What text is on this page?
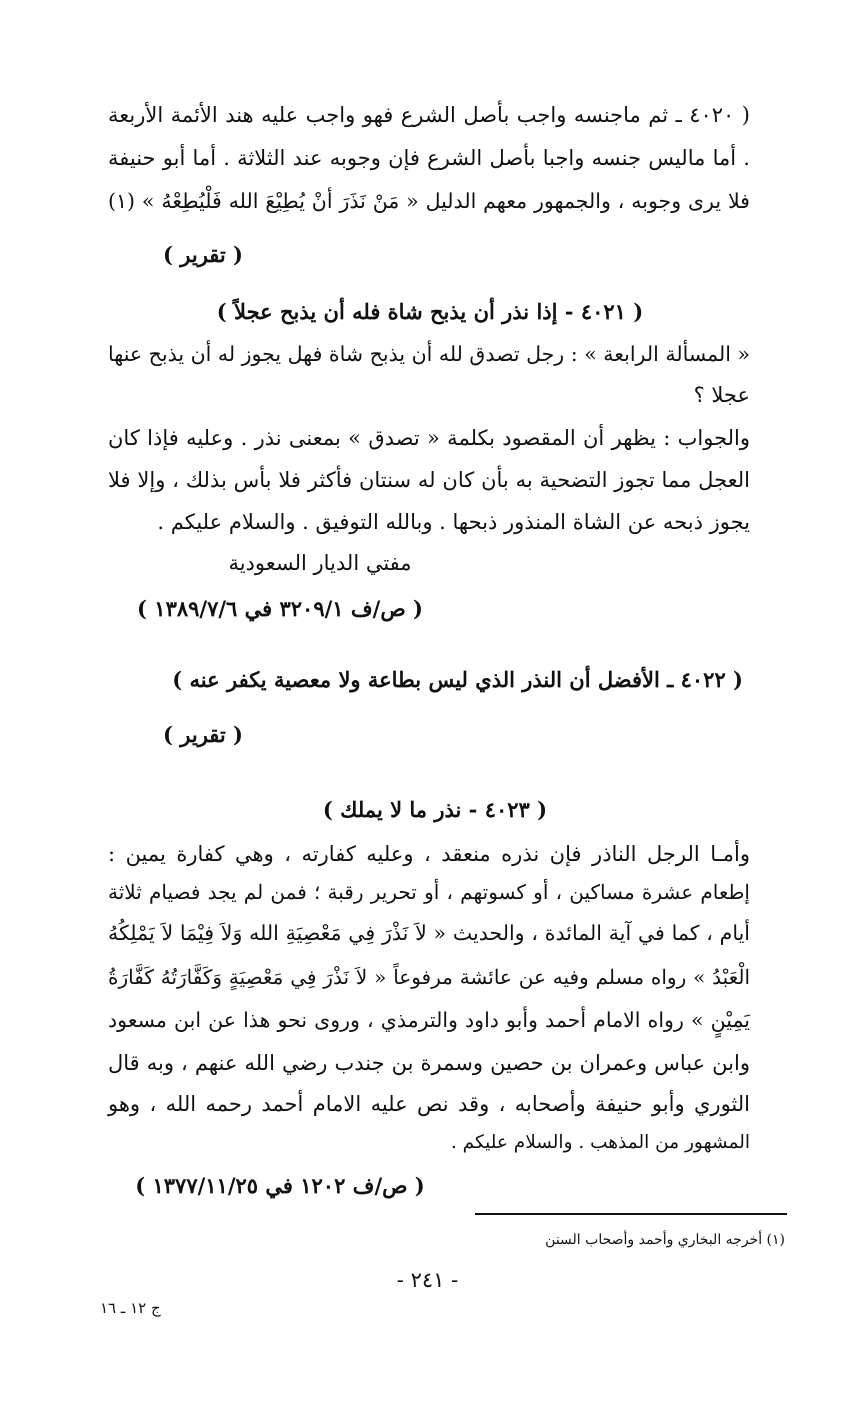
( ٤٠٢٠ ـ ثم ماجنسه واجب بأصل الشرع فهو واجب عليه هند الأئمة الأربعة
. أما ماليس جنسه واجبا بأصل الشرع فإن وجوبه عند الثلاثة . أما أبو حنيفة
فلا يرى وجوبه ، والجمهور معهم الدليل « مَنْ نَذَرَ أنْ يُطِيْعَ الله فَلْيُطِعْهُ » (١)
( تقرير )
( ٤٠٢١ - إذا نذر أن يذبح شاة فله أن يذبح عجلاً )
« المسألة الرابعة » : رجل تصدق لله أن يذبح شاة فهل يجوز له أن يذبح عنها
عجلا ؟
والجواب : يظهر أن المقصود بكلمة « تصدق » بمعنى نذر . وعليه فإذا كان
العجل مما تجوز التضحية به بأن كان له سنتان فأكثر فلا بأس بذلك ، وإلا فلا
يجوز ذبحه عن الشاة المنذور ذبحها . وبالله التوفيق . والسلام عليكم .
مفتي الديار السعودية
( ص/ف ٣٢٠٩/١ في ١٣٨٩/٧/٦ )
( ٤٠٢٢ ـ الأفضل أن النذر الذي ليس بطاعة ولا معصية يكفر عنه )
( تقرير )
( ٤٠٢٣ - نذر ما لا يملك )
وأمـا الرجل الناذر فإن نذره منعقد ، وعليه كفارته ، وهي كفارة يمين :
إطعام عشرة مساكين ، أو كسوتهم ، أو تحرير رقبة ؛ فمن لم يجد فصيام ثلاثة
أيام ، كما في آية المائدة ، والحديث « لاَ نَذْرَ فِي مَعْصِيَةِ الله وَلاَ فِيْمَا لاَ يَمْلِكُهُ
الْعَبْدُ » رواه مسلم وفيه عن عائشة مرفوعاً « لاَ نَذْرَ فِي مَعْصِيَةٍ وَكَفَّارَتُهُ كَفَّارَةُ
يَمِيْنٍ » رواه الامام أحمد وأبو داود والترمذي ، وروى نحو هذا عن ابن مسعود
وابن عباس وعمران بن حصين وسمرة بن جندب رضي الله عنهم ، وبه قال
الثوري وأبو حنيفة وأصحابه ، وقد نص عليه الامام أحمد رحمه الله ، وهو
المشهور من المذهب . والسلام عليكم .
( ص/ف ١٢٠٢ في ١٣٧٧/١١/٢٥ )
(١) أخرجه البخاري وأحمد وأصحاب السنن
- ٢٤١ -
ج ١٢ ـ ١٦
